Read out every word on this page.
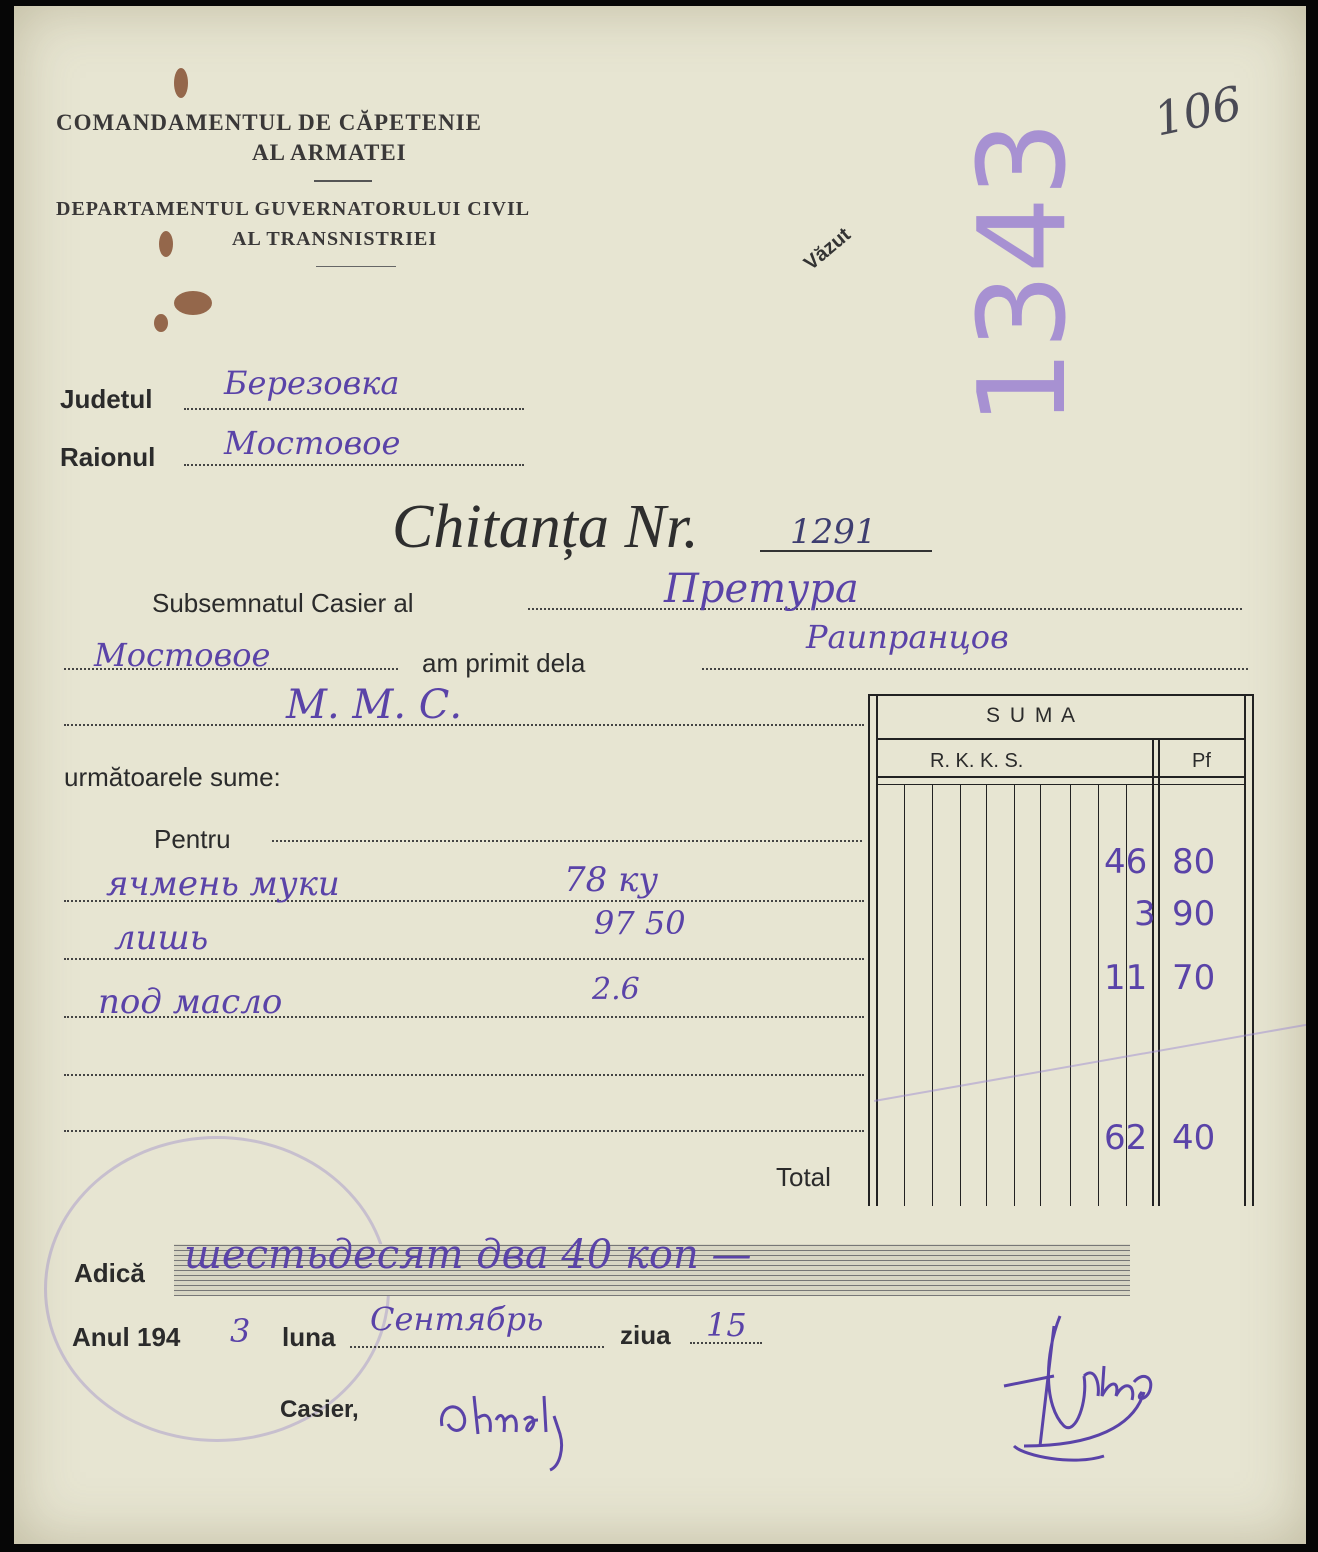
COMANDAMENTUL DE CĂPETENIE
AL ARMATEI
DEPARTAMENTUL GUVERNATORULUI CIVIL
AL TRANSNISTRIEI
106
Văzut 1343
Judetul Березовка
Raionul Мостовое
Chitanța Nr.	1291
Subsemnatul Casier al	Претура
Мостовое	am primit dela
Раипранцов
М. М. С.
următoarele sume:
Pentru
ячмень муки	78 ку
лишь	97 50
под масло	2.6
S U M A
R. K. K. S.	Pf
46 80
3 90
11 70
62 40
Total
Adică шестьдесят два 40 коп —
Anul 194 3 luna Сентябрь	ziua 15
Casier,
